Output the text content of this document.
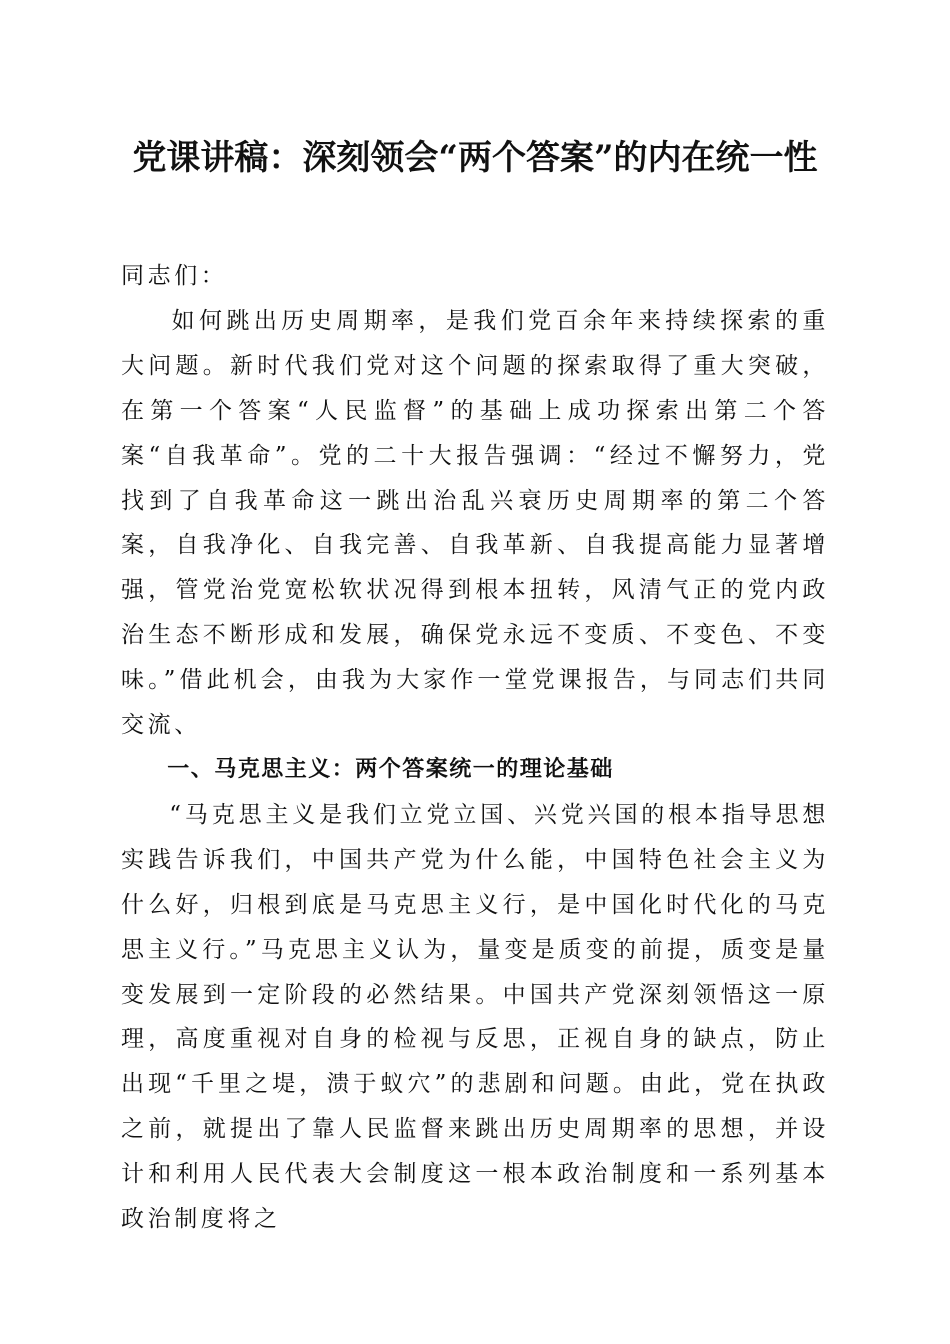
党课讲稿：深刻领会“两个答案”的内在统一性

同志们：

如何跳出历史周期率，是我们党百余年来持续探索的重大问题。新时代我们党对这个问题的探索取得了重大突破，在第一个答案“人民监督”的基础上成功探索出第二个答案“自我革命”。党的二十大报告强调：“经过不懈努力，党找到了自我革命这一跳出治乱兴衰历史周期率的第二个答案，自我净化、自我完善、自我革新、自我提高能力显著增强，管党治党宽松软状况得到根本扭转，风清气正的党内政治生态不断形成和发展，确保党永远不变质、不变色、不变味。”借此机会，由我为大家作一堂党课报告，与同志们共同交流、

一、马克思主义：两个答案统一的理论基础

“马克思主义是我们立党立国、兴党兴国的根本指导思想实践告诉我们，中国共产党为什么能，中国特色社会主义为什么好，归根到底是马克思主义行，是中国化时代化的马克思主义行。”马克思主义认为，量变是质变的前提，质变是量变发展到一定阶段的必然结果。中国共产党深刻领悟这一原理，高度重视对自身的检视与反思，正视自身的缺点，防止出现“千里之堤，溃于蚁穴”的悲剧和问题。由此，党在执政之前，就提出了靠人民监督来跳出历史周期率的思想，并设计和利用人民代表大会制度这一根本政治制度和一系列基本政治制度将之
